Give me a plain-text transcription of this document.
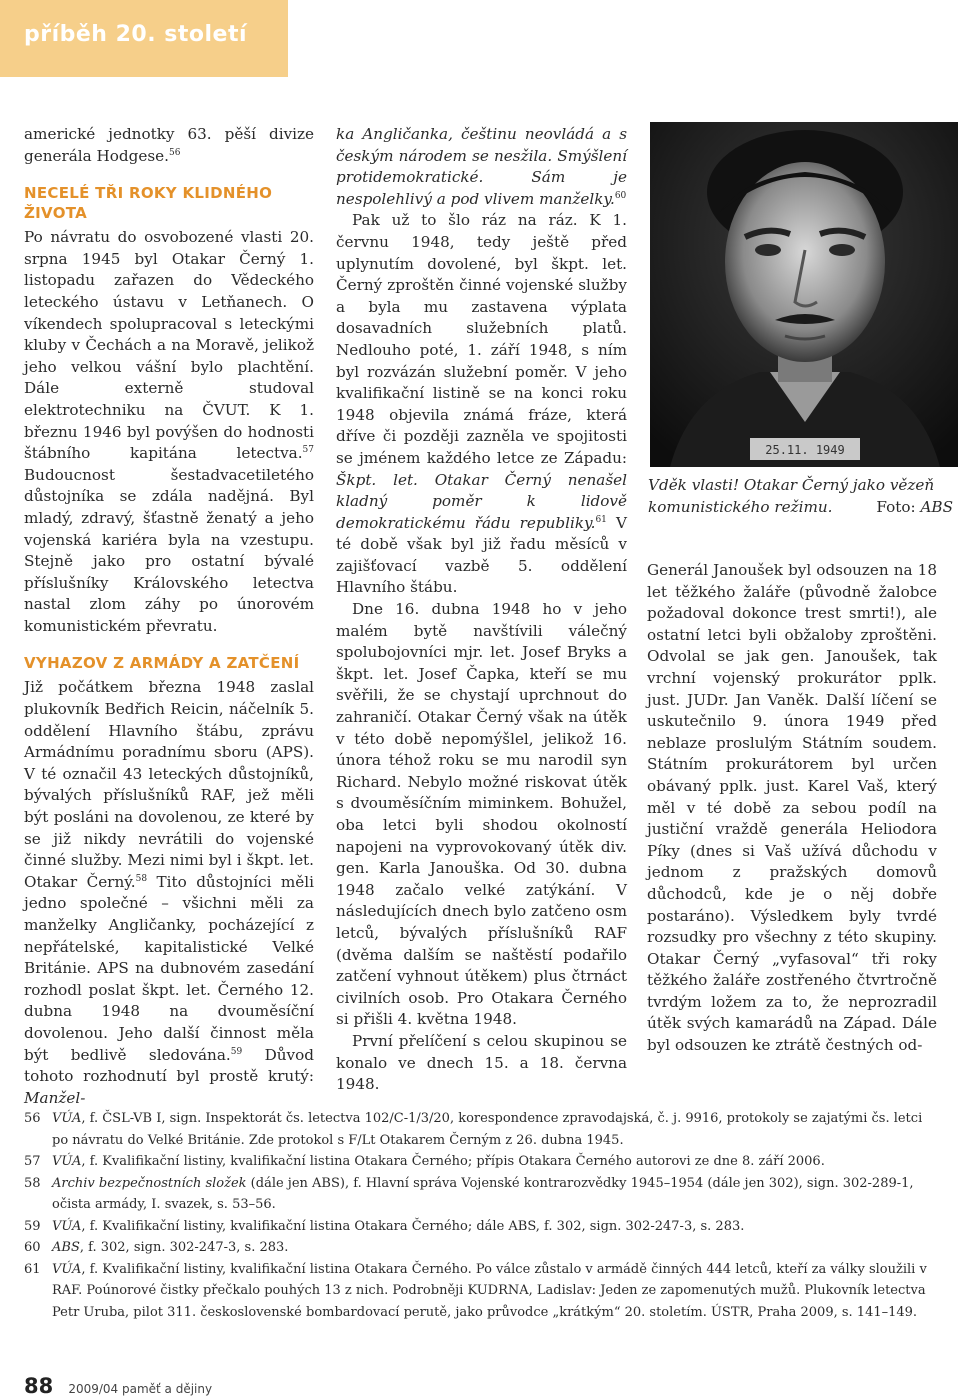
příběh 20. století

americké jednotky 63. pěší divize generála Hodgese.$^{56}$

NECELÉ TŘI ROKY KLIDNÉHO ŽIVOTA

Po návratu do osvobozené vlasti 20. srpna 1945 byl Otakar Černý 1. listopadu zařazen do Vědeckého leteckého ústavu v Letňanech. O víkendech spolupracoval s leteckými kluby v Čechách a na Moravě, jelikož jeho velkou vášní bylo plachtění. Dále externě studoval elektrotechniku na ČVUT. K 1. březnu 1946 byl povýšen do hodnosti štábního kapitána letectva.$^{57}$ Budoucnost šestadvacetiletého důstojníka se zdála nadějná. Byl mladý, zdravý, šťastně ženatý a jeho vojenská kariéra byla na vzestupu. Stejně jako pro ostatní bývalé příslušníky Královského letectva nastal zlom záhy po únorovém komunistickém převratu.

VYHAZOV Z ARMÁDY A ZATČENÍ

Již počátkem března 1948 zaslal plukovník Bedřich Reicin, náčelník 5. oddělení Hlavního štábu, zprávu Armádnímu poradnímu sboru (APS). V té označil 43 leteckých důstojníků, bývalých příslušníků RAF, jež měli být posláni na dovolenou, ze které by se již nikdy nevrátili do vojenské činné služby. Mezi nimi byl i škpt. let. Otakar Černý.$^{58}$ Tito důstojníci měli jedno společné – všichni měli za manželky Angličanky, pocházející z nepřátelské, kapitalistické Velké Británie. APS na dubnovém zasedání rozhodl poslat škpt. let. Černého 12. dubna 1948 na dvouměsíční dovolenou. Jeho další činnost měla být bedlivě sledována.$^{59}$ Důvod tohoto rozhodnutí byl prostě krutý: Manžel-

ka Angličanka, češtinu neovládá a s českým národem se nesžila. Smýšlení protidemokratické. Sám je nespolehlivý a pod vlivem manželky.$^{60}$

Pak už to šlo ráz na ráz. K 1. červnu 1948, tedy ještě před uplynutím dovolené, byl škpt. let. Černý zproštěn činné vojenské služby a byla mu zastavena výplata dosavadních služebních platů. Nedlouho poté, 1. září 1948, s ním byl rozvázán služební poměr. V jeho kvalifikační listině se na konci roku 1948 objevila známá fráze, která dříve či později zazněla ve spojitosti se jménem každého letce ze Západu: Škpt. let. Otakar Černý nenašel kladný poměr k lidově demokratickému řádu republiky.$^{61}$ V té době však byl již řadu měsíců v zajišťovací vazbě 5. oddělení Hlavního štábu.

Dne 16. dubna 1948 ho v jeho malém bytě navštívili válečný spolubojovníci mjr. let. Josef Bryks a škpt. let. Josef Čapka, kteří se mu svěřili, že se chystají uprchnout do zahraničí. Otakar Černý však na útěk v této době nepomýšlel, jelikož 16. února téhož roku se mu narodil syn Richard. Nebylo možné riskovat útěk s dvouměsíčním miminkem. Bohužel, oba letci byli shodou okolností napojeni na vyprovokovaný útěk div. gen. Karla Janouška. Od 30. dubna 1948 začalo velké zatýkání. V následujících dnech bylo zatčeno osm letců, bývalých příslušníků RAF (dvěma dalším se naštěstí podařilo zatčení vyhnout útěkem) plus čtrnáct civilních osob. Pro Otakara Černého si přišli 4. května 1948.

První přelíčení s celou skupinou se konalo ve dnech 15. a 18. června 1948.

25.11. 1949
Vděk vlasti! Otakar Černý jako vězeň komunistického režimu.	Foto: ABS

Generál Janoušek byl odsouzen na 18 let těžkého žaláře (původně žalobce požadoval dokonce trest smrti!), ale ostatní letci byli obžaloby zproštěni. Odvolal se jak gen. Janoušek, tak vrchní vojenský prokurátor pplk. just. JUDr. Jan Vaněk. Další líčení se uskutečnilo 9. února 1949 před neblaze proslulým Státním soudem. Státním prokurátorem byl určen obávaný pplk. just. Karel Vaš, který měl v té době za sebou podíl na justiční vraždě generála Heliodora Píky (dnes si Vaš užívá důchodu v jednom z pražských domovů důchodců, kde je o něj dobře postaráno). Výsledkem byly tvrdé rozsudky pro všechny z této skupiny. Otakar Černý „vyfasoval“ tři roky těžkého žaláře zostřeného čtvrtročně tvrdým ložem za to, že neprozradil útěk svých kamarádů na Západ. Dále byl odsouzen ke ztrátě čestných od-

56 VÚA, f. ČSL-VB I, sign. Inspektorát čs. letectva 102/C-1/3/20, korespondence zpravodajská, č. j. 9916, protokoly se zajatými čs. letci po návratu do Velké Británie. Zde protokol s F/Lt Otakarem Černým z 26. dubna 1945.
57 VÚA, f. Kvalifikační listiny, kvalifikační listina Otakara Černého; přípis Otakara Černého autorovi ze dne 8. září 2006.
58 Archiv bezpečnostních složek (dále jen ABS), f. Hlavní správa Vojenské kontrarozvědky 1945–1954 (dále jen 302), sign. 302-289-1, očista armády, I. svazek, s. 53–56.
59 VÚA, f. Kvalifikační listiny, kvalifikační listina Otakara Černého; dále ABS, f. 302, sign. 302-247-3, s. 283.
60 ABS, f. 302, sign. 302-247-3, s. 283.
61 VÚA, f. Kvalifikační listiny, kvalifikační listina Otakara Černého. Po válce zůstalo v armádě činných 444 letců, kteří za války sloužili v RAF. Poúnorové čistky přečkalo pouhých 13 z nich. Podrobněji KUDRNA, Ladislav: Jeden ze zapomenutých mužů. Plukovník letectva Petr Uruba, pilot 311. československé bombardovací perutě, jako průvodce „krátkým“ 20. stoletím. ÚSTR, Praha 2009, s. 141–149.
88 2009/04 paměť a dějiny
